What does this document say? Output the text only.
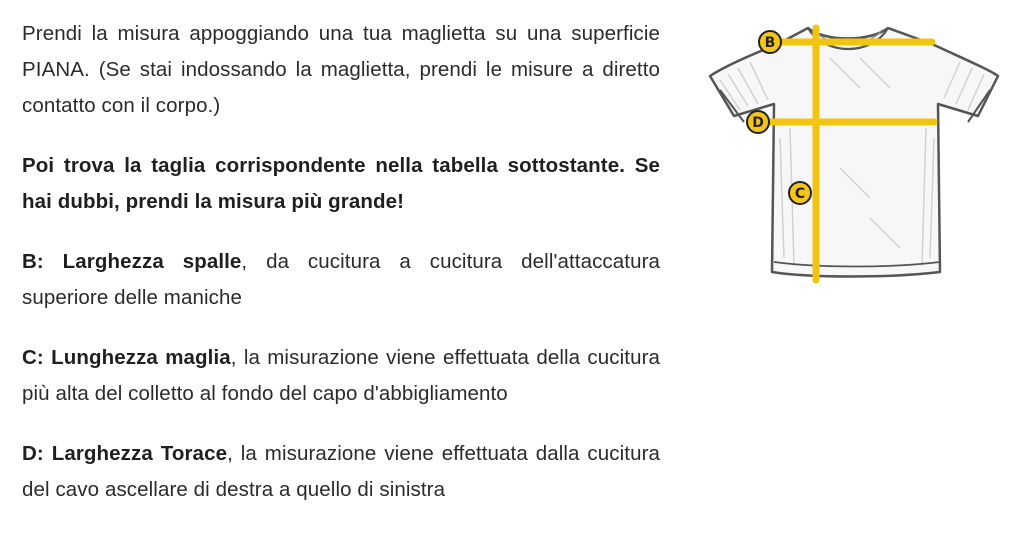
Prendi la misura appoggiando una tua maglietta su una superficie PIANA. (Se stai indossando la maglietta, prendi le misure a diretto contatto con il corpo.)

Poi trova la taglia corrispondente nella tabella sottostante. Se hai dubbi, prendi la misura più grande!

B: Larghezza spalle, da cucitura a cucitura dell'attaccatura superiore delle maniche

C: Lunghezza maglia, la misurazione viene effettuata della cucitura più alta del colletto al fondo del capo d'abbigliamento

D: Larghezza Torace, la misurazione viene effettuata dalla cucitura del cavo ascellare di destra a quello di sinistra

B
D
C
